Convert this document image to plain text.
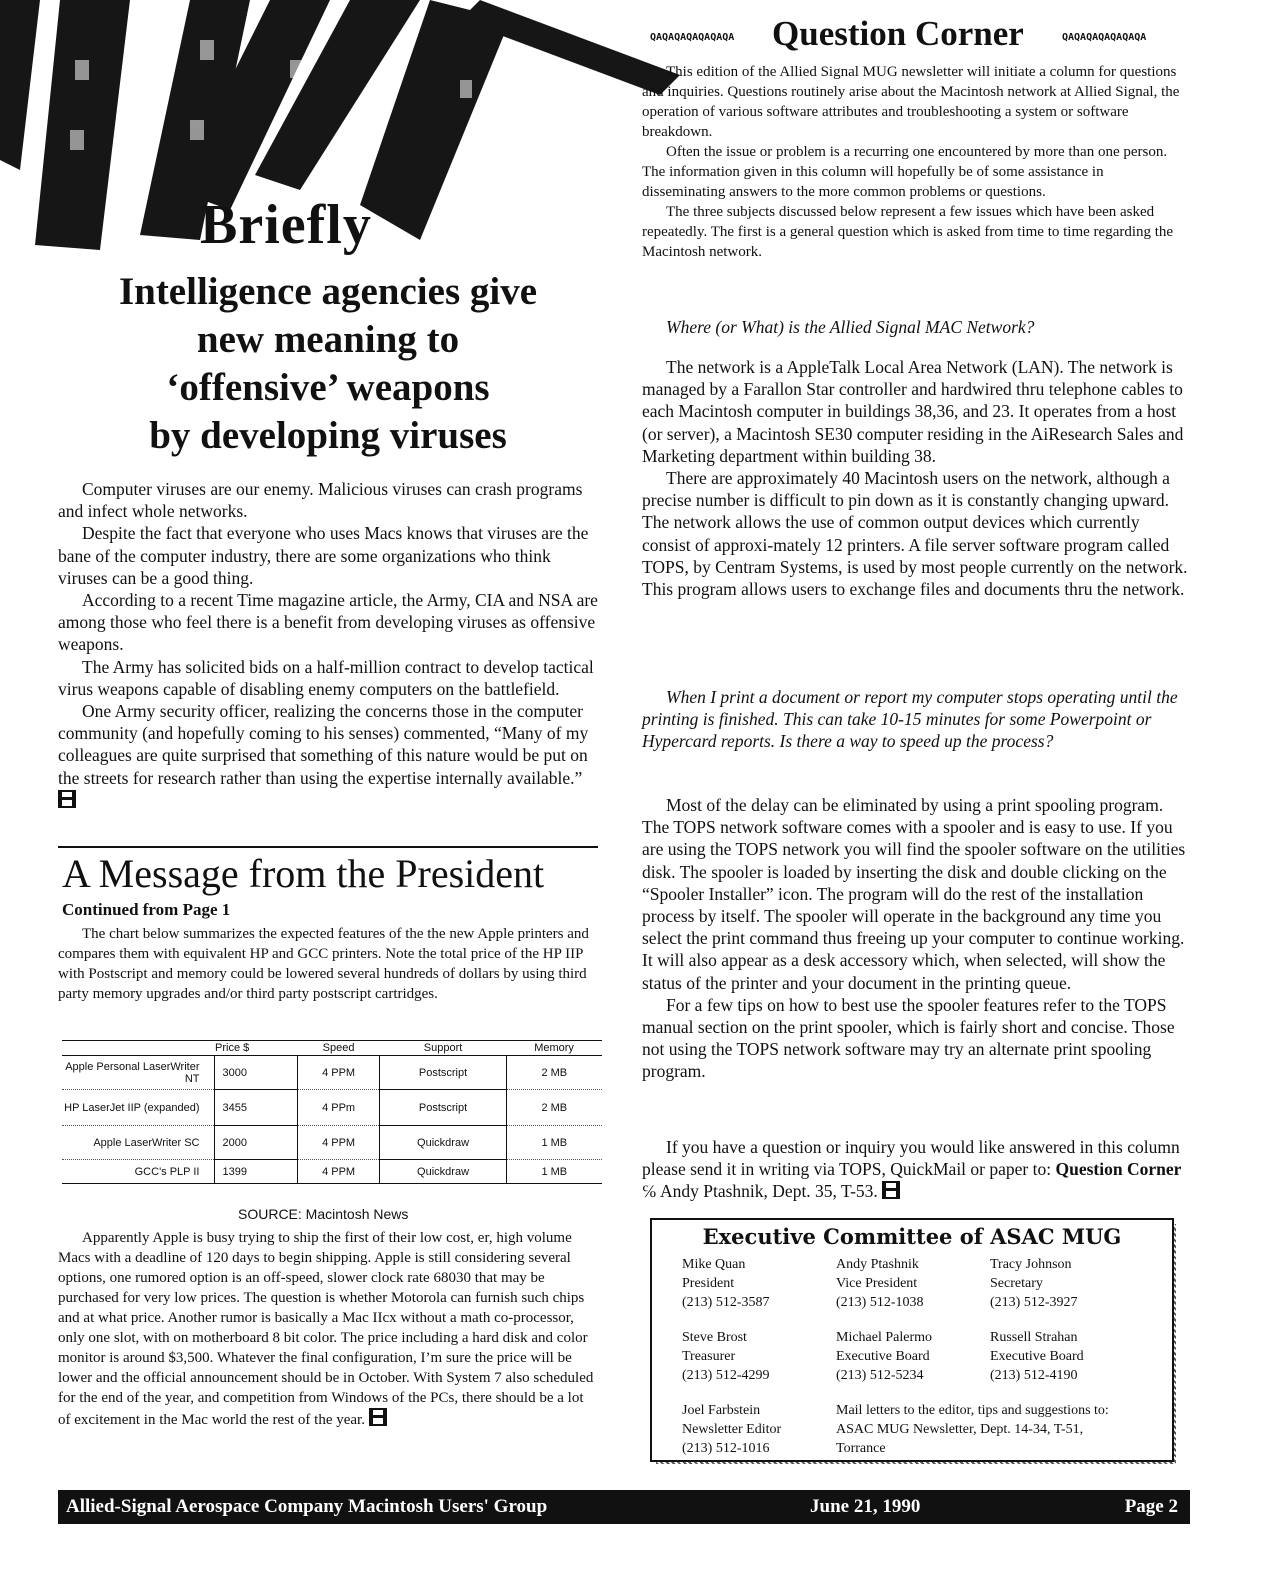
Briefly
Intelligence agencies give
new meaning to
‘offensive’ weapons
by developing viruses

Computer viruses are our enemy. Malicious viruses can crash programs and infect whole networks.

Despite the fact that everyone who uses Macs knows that viruses are the bane of the computer industry, there are some organizations who think viruses can be a good thing.

According to a recent Time magazine article, the Army, CIA and NSA are among those who feel there is a benefit from developing viruses as offensive weapons.

The Army has solicited bids on a half-million contract to develop tactical virus weapons capable of disabling enemy computers on the battlefield.

One Army security officer, realizing the concerns those in the computer community (and hopefully coming to his senses) commented, “Many of my colleagues are quite surprised that something of this nature would be put on the streets for research rather than using the expertise internally available.”

A Message from the President
Continued from Page 1
The chart below summarizes the expected features of the the new Apple printers and compares them with equivalent HP and GCC printers. Note the total price of the HP IIP with Postscript and memory could be lowered several hundreds of dollars by using third party memory upgrades and/or third party postscript cartridges.
	Price $	Speed	Support	Memory
Apple Personal LaserWriter NT	3000	4 PPM	Postscript	2 MB
HP LaserJet IIP (expanded)	3455	4 PPm	Postscript	2 MB
Apple LaserWriter SC	2000	4 PPM	Quickdraw	1 MB
GCC's PLP II	1399	4 PPM	Quickdraw	1 MB
SOURCE: Macintosh News

Apparently Apple is busy trying to ship the first of their low cost, er, high volume Macs with a deadline of 120 days to begin shipping. Apple is still considering several options, one rumored option is an off-speed, slower clock rate 68030 that may be purchased for very low prices. The question is whether Motorola can furnish such chips and at what price. Another rumor is basically a Mac IIcx without a math co-processor, only one slot, with on motherboard 8 bit color. The price including a hard disk and color monitor is around $3,500. Whatever the final configuration, I’m sure the price will be lower and the official announcement should be in October. With System 7 also scheduled for the end of the year, and competition from Windows of the PCs, there should be a lot of excitement in the Mac world the rest of the year.

QAQAQAQAQAQAQA Question Corner	QAQAQAQAQAQAQA

This edition of the Allied Signal MUG newsletter will initiate a column for questions and inquiries. Questions routinely arise about the Macintosh network at Allied Signal, the operation of various software attributes and troubleshooting a system or software breakdown.

Often the issue or problem is a recurring one encountered by more than one person. The information given in this column will hopefully be of some assistance in disseminating answers to the more common problems or questions.

The three subjects discussed below represent a few issues which have been asked repeatedly. The first is a general question which is asked from time to time regarding the Macintosh network.

Where (or What) is the Allied Signal MAC Network?

The network is a AppleTalk Local Area Network (LAN). The network is managed by a Farallon Star controller and hardwired thru telephone cables to each Macintosh computer in buildings 38,36, and 23. It operates from a host (or server), a Macintosh SE30 computer residing in the AiResearch Sales and Marketing department within building 38.

There are approximately 40 Macintosh users on the network, although a precise number is difficult to pin down as it is constantly changing upward. The network allows the use of common output devices which currently consist of approxi-mately 12 printers. A file server software program called TOPS, by Centram Systems, is used by most people currently on the network. This program allows users to exchange files and documents thru the network.

When I print a document or report my computer stops operating until the printing is finished. This can take 10-15 minutes for some Powerpoint or Hypercard reports. Is there a way to speed up the process?

Most of the delay can be eliminated by using a print spooling program. The TOPS network software comes with a spooler and is easy to use. If you are using the TOPS network you will find the spooler software on the utilities disk. The spooler is loaded by inserting the disk and double clicking on the “Spooler Installer” icon. The program will do the rest of the installation process by itself. The spooler will operate in the background any time you select the print command thus freeing up your computer to continue working. It will also appear as a desk accessory which, when selected, will show the status of the printer and your document in the printing queue.

For a few tips on how to best use the spooler features refer to the TOPS manual section on the print spooler, which is fairly short and concise. Those not using the TOPS network software may try an alternate print spooling program.

If you have a question or inquiry you would like answered in this column please send it in writing via TOPS, QuickMail or paper to: Question Corner ℅ Andy Ptashnik, Dept. 35, T-53.
Executive Committee of ASAC MUG
Mike Quan
President
(213) 512-3587
Andy Ptashnik
Vice President
(213) 512-1038
Tracy Johnson
Secretary
(213) 512-3927
Steve Brost
Treasurer
(213) 512-4299
Michael Palermo
Executive Board
(213) 512-5234
Russell Strahan
Executive Board
(213) 512-4190
Joel Farbstein
Newsletter Editor
(213) 512-1016
Mail letters to the editor, tips and suggestions to: ASAC MUG Newsletter, Dept. 14-34, T-51, Torrance
Allied-Signal Aerospace Company Macintosh Users' Group	June 21, 1990	Page 2
